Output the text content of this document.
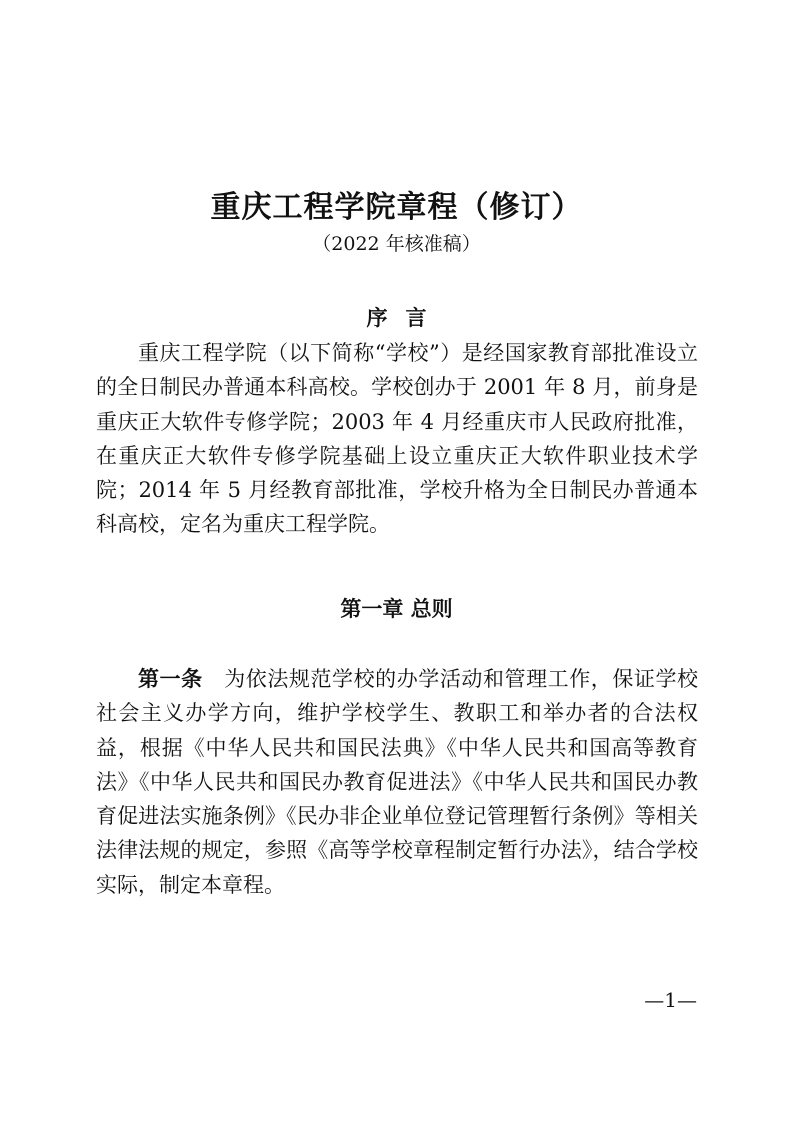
重庆工程学院章程（修订）

（2022 年核准稿）

序言

重庆工程学院（以下简称“学校”）是经国家教育部批准设立的全日制民办普通本科高校。学校创办于 2001 年 8 月，前身是重庆正大软件专修学院；2003 年 4 月经重庆市人民政府批准，在重庆正大软件专修学院基础上设立重庆正大软件职业技术学院；2014 年 5 月经教育部批准，学校升格为全日制民办普通本科高校，定名为重庆工程学院。

第一章 总则

第一条　 为依法规范学校的办学活动和管理工作，保证学校社会主义办学方向，维护学校学生、教职工和举办者的合法权益，根据《中华人民共和国民法典》《中华人民共和国高等教育法》《中华人民共和国民办教育促进法》《中华人民共和国民办教育促进法实施条例》《民办非企业单位登记管理暂行条例》等相关法律法规的规定，参照《高等学校章程制定暂行办法》，结合学校实际，制定本章程。

—1—
